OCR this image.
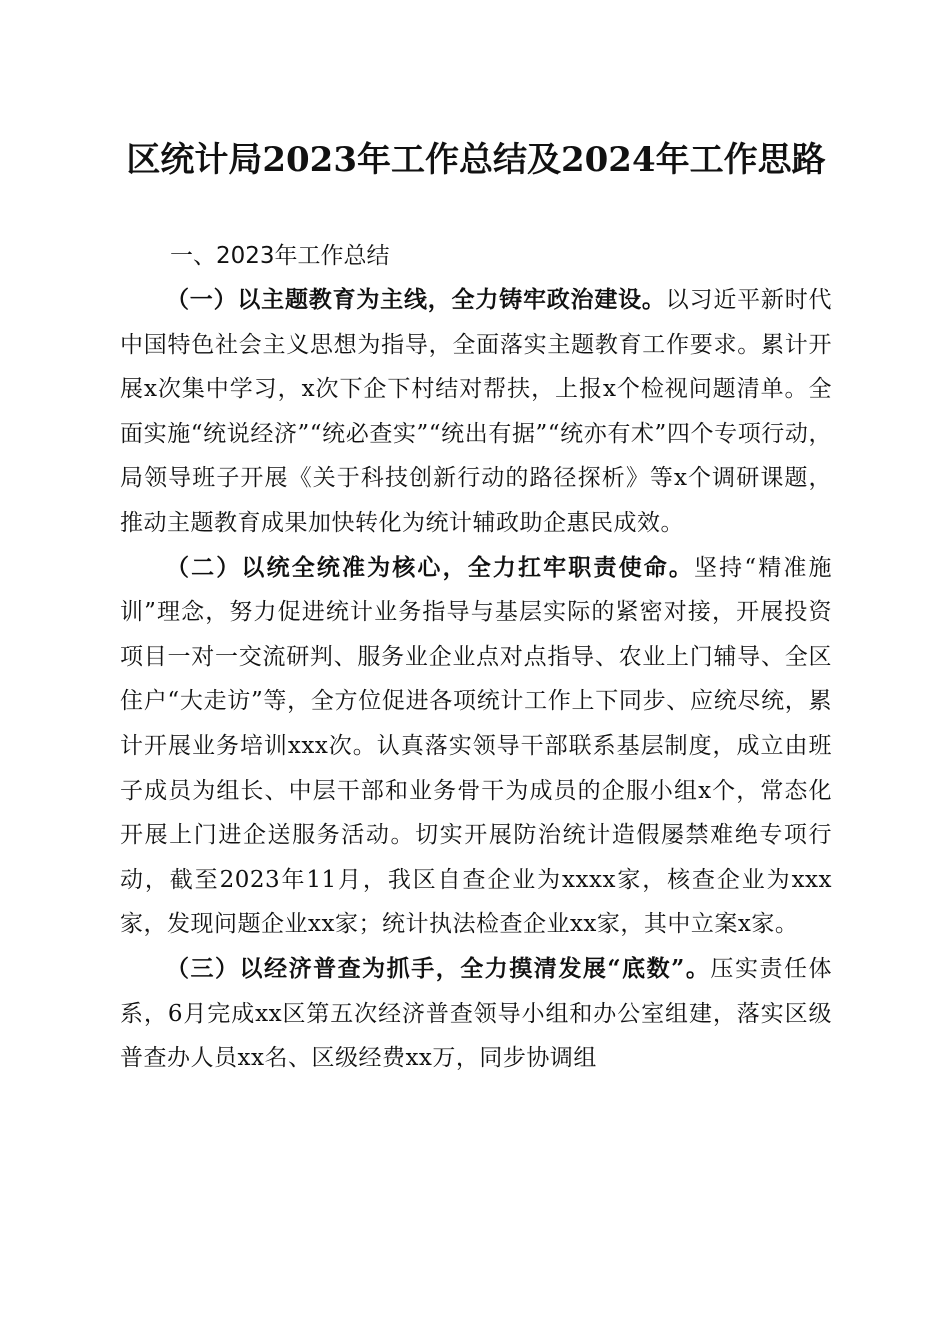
区统计局2023年工作总结及2024年工作思路
一、2023年工作总结

（一）以主题教育为主线，全力铸牢政治建设。以习近平新时代中国特色社会主义思想为指导，全面落实主题教育工作要求。累计开展x次集中学习，x次下企下村结对帮扶，上报x个检视问题清单。全面实施“统说经济”“统必查实”“统出有据”“统亦有术”四个专项行动，局领导班子开展《关于科技创新行动的路径探析》等x个调研课题，推动主题教育成果加快转化为统计辅政助企惠民成效。

（二）以统全统准为核心，全力扛牢职责使命。坚持“精准施训”理念，努力促进统计业务指导与基层实际的紧密对接，开展投资项目一对一交流研判、服务业企业点对点指导、农业上门辅导、全区住户“大走访”等，全方位促进各项统计工作上下同步、应统尽统，累计开展业务培训xxx次。认真落实领导干部联系基层制度，成立由班子成员为组长、中层干部和业务骨干为成员的企服小组x个，常态化开展上门进企送服务活动。切实开展防治统计造假屡禁难绝专项行动，截至2023年11月，我区自查企业为xxxx家，核查企业为xxx家，发现问题企业xx家；统计执法检查企业xx家，其中立案x家。

（三）以经济普查为抓手，全力摸清发展“底数”。压实责任体系，6月完成xx区第五次经济普查领导小组和办公室组建，落实区级普查办人员xx名、区级经费xx万，同步协调组
